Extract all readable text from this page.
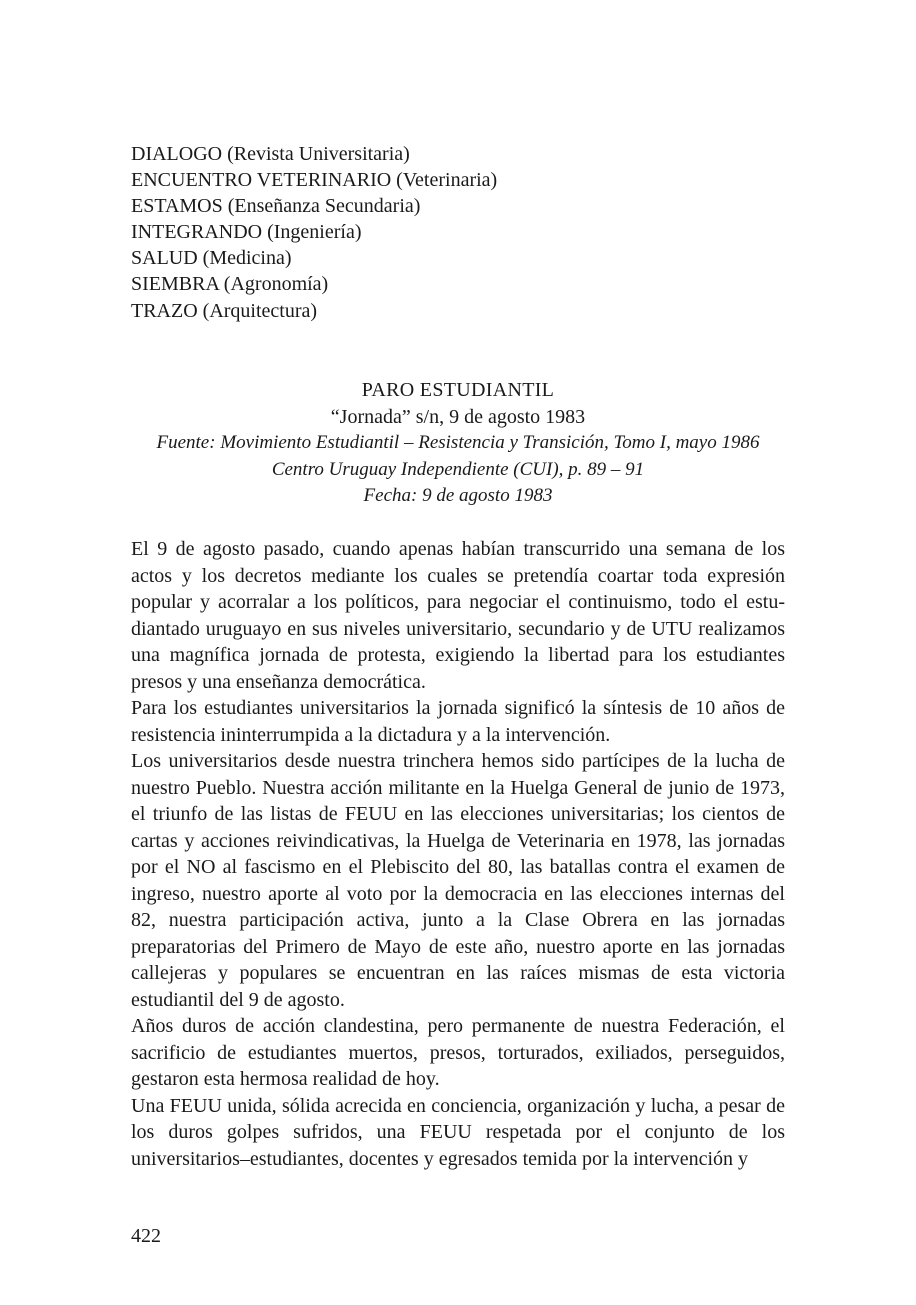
DIALOGO (Revista Universitaria)
ENCUENTRO VETERINARIO (Veterinaria)
ESTAMOS (Enseñanza Secundaria)
INTEGRANDO (Ingeniería)
SALUD (Medicina)
SIEMBRA (Agronomía)
TRAZO (Arquitectura)
PARO ESTUDIANTIL
“Jornada” s/n, 9 de agosto 1983
Fuente: Movimiento Estudiantil – Resistencia y Transición, Tomo I, mayo 1986
Centro Uruguay Independiente (CUI), p. 89 – 91
Fecha: 9 de agosto 1983

El 9 de agosto pasado, cuando apenas habían transcurrido una semana de los actos y los decretos mediante los cuales se pretendía coartar toda expresión popular y acorralar a los políticos, para negociar el continuismo, todo el estudiantado uruguayo en sus niveles universitario, secundario y de UTU realizamos una magnífica jornada de protesta, exigiendo la libertad para los estudiantes presos y una enseñanza democrática.

Para los estudiantes universitarios la jornada significó la síntesis de 10 años de resistencia ininterrumpida a la dictadura y a la intervención.

Los universitarios desde nuestra trinchera hemos sido partícipes de la lucha de nuestro Pueblo. Nuestra acción militante en la Huelga General de junio de 1973, el triunfo de las listas de FEUU en las elecciones universitarias; los cientos de cartas y acciones reivindicativas, la Huelga de Veterinaria en 1978, las jornadas por el NO al fascismo en el Plebiscito del 80, las batallas contra el examen de ingreso, nuestro aporte al voto por la democracia en las elecciones internas del 82, nuestra participación activa, junto a la Clase Obrera en las jornadas preparatorias del Primero de Mayo de este año, nuestro aporte en las jornadas callejeras y populares se encuentran en las raíces mismas de esta victoria estudiantil del 9 de agosto.

Años duros de acción clandestina, pero permanente de nuestra Federación, el sacrificio de estudiantes muertos, presos, torturados, exiliados, perseguidos, gestaron esta hermosa realidad de hoy.

Una FEUU unida, sólida acrecida en conciencia, organización y lucha, a pesar de los duros golpes sufridos, una FEUU respetada por el conjunto de los universitarios–estudiantes, docentes y egresados temida por la intervención y

422
